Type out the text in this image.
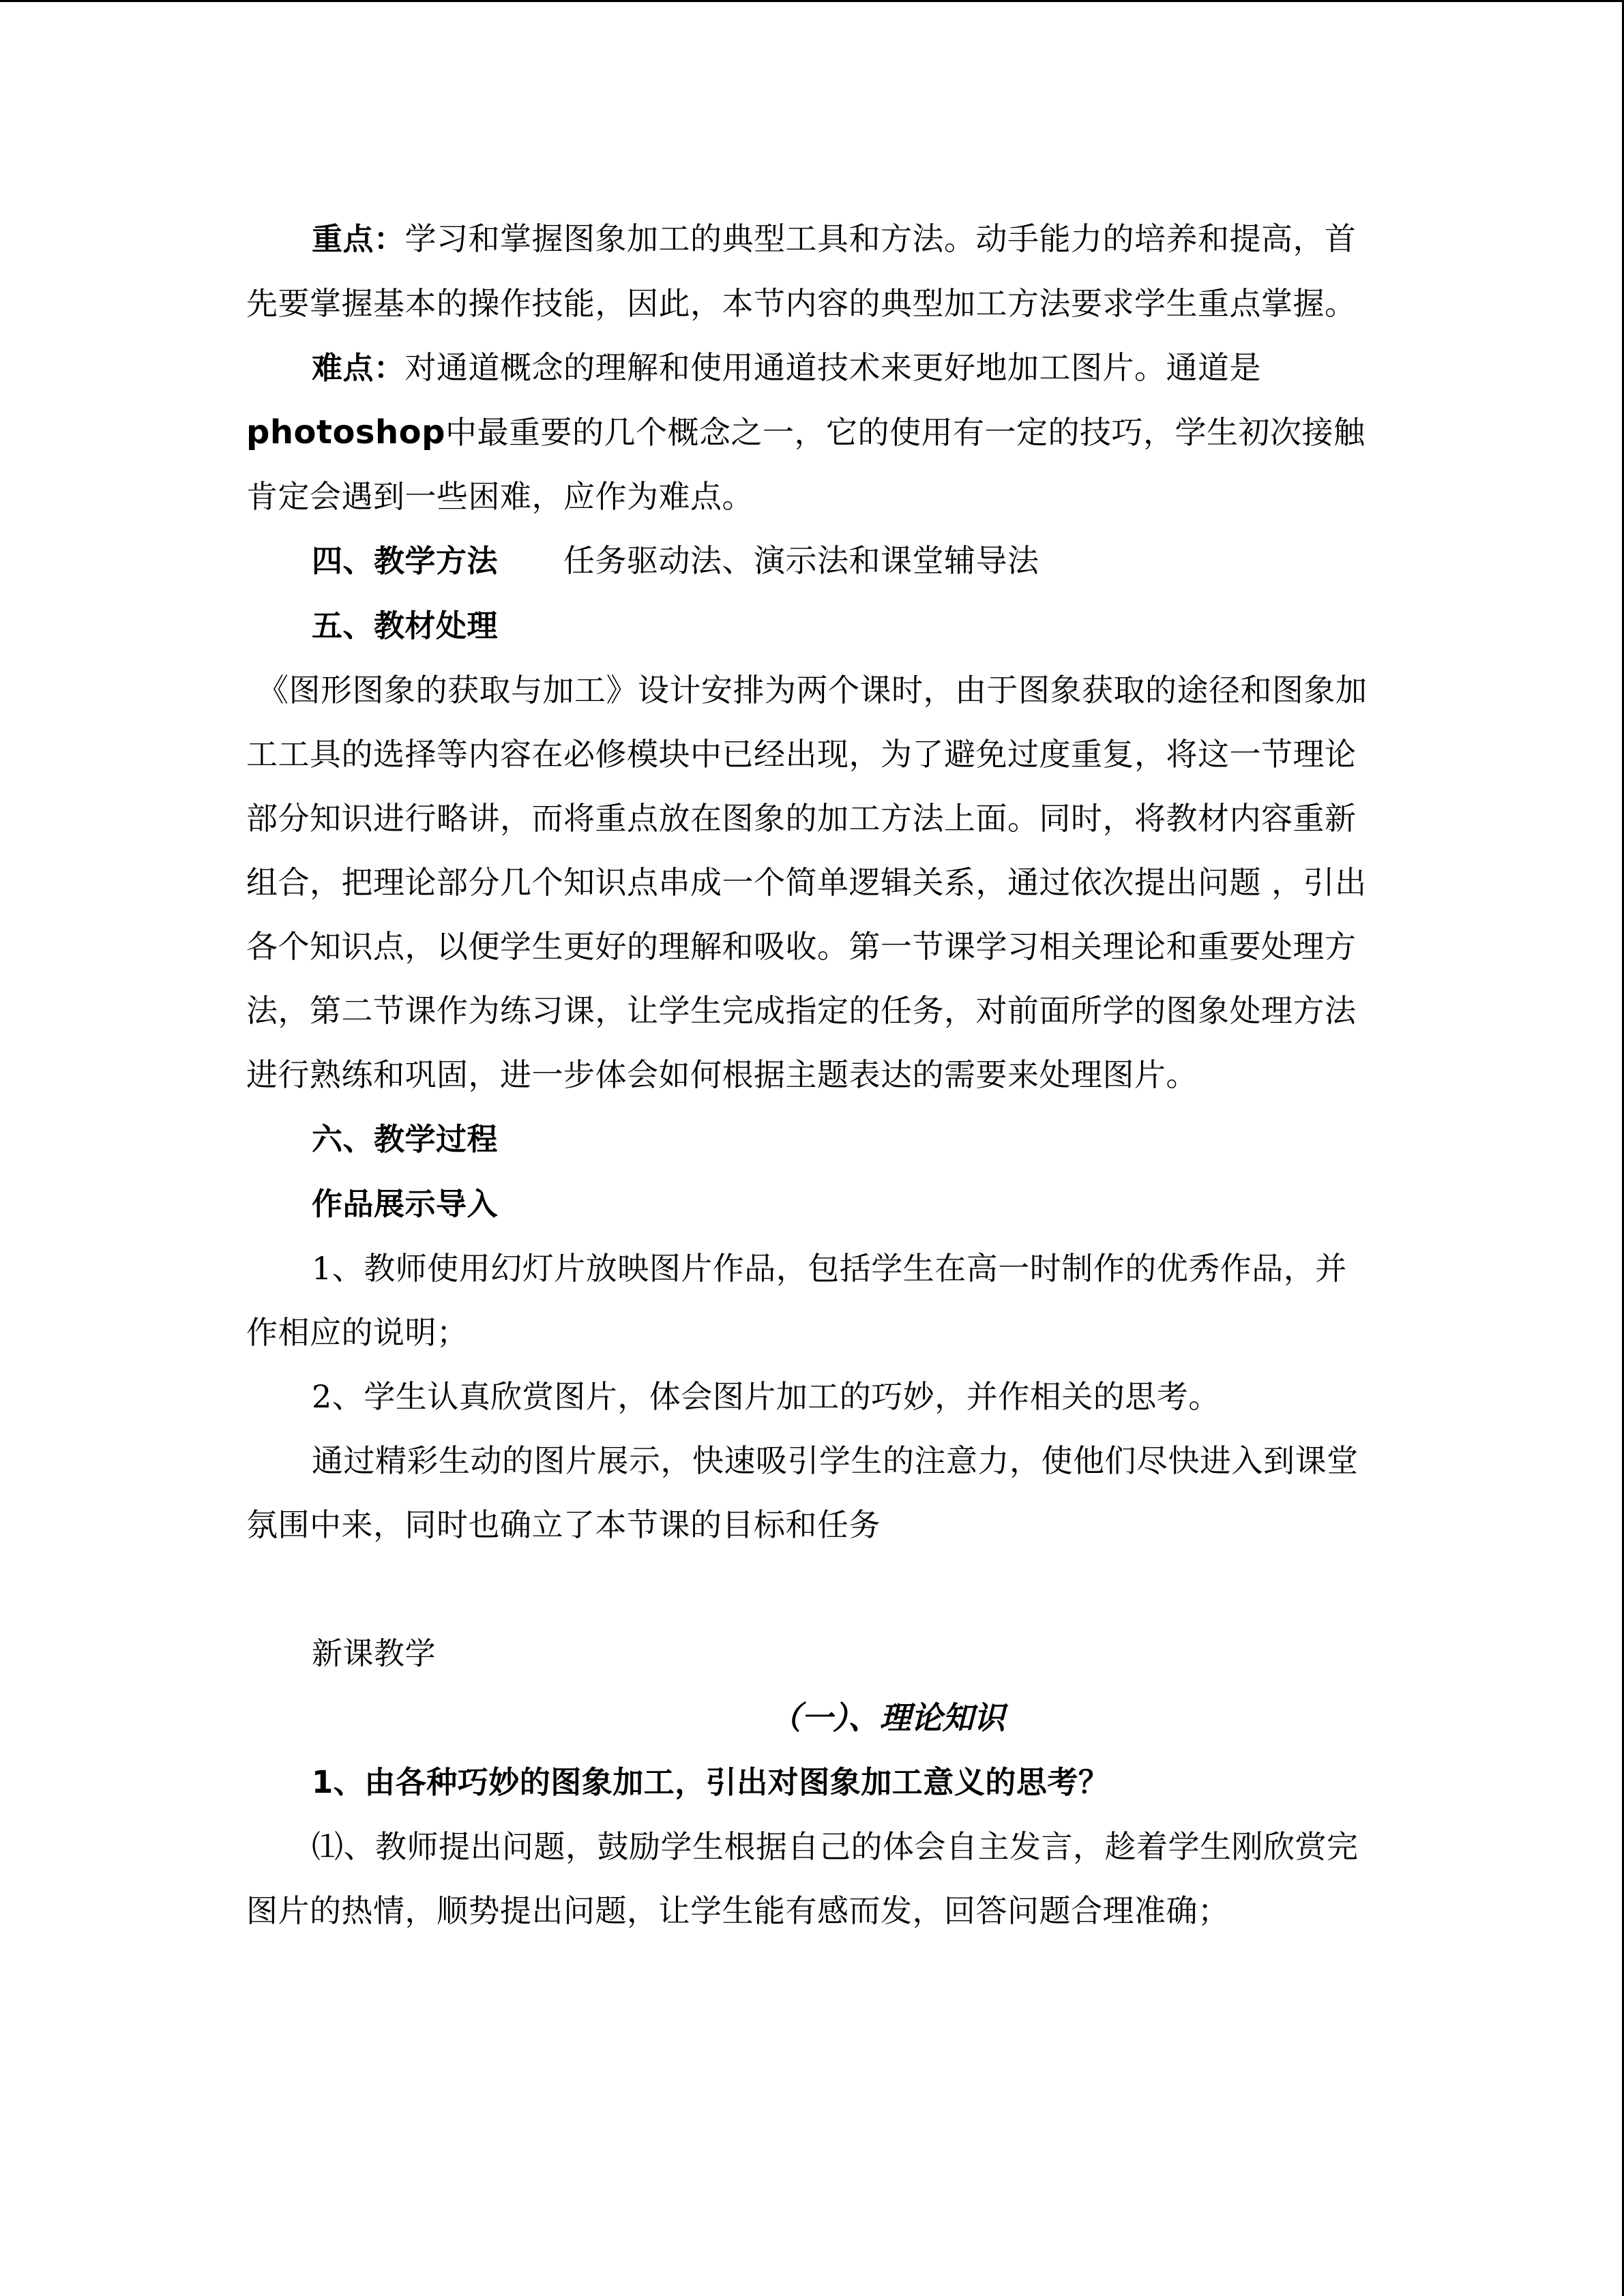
重点：学习和掌握图象加工的典型工具和方法。动手能力的培养和提高，首先要掌握基本的操作技能，因此，本节内容的典型加工方法要求学生重点掌握。

难点：对通道概念的理解和使用通道技术来更好地加工图片。通道是photoshop中最重要的几个概念之一，它的使用有一定的技巧，学生初次接触肯定会遇到一些困难，应作为难点。

四、教学方法 任务驱动法、演示法和课堂辅导法

五、教材处理

《图形图象的获取与加工》设计安排为两个课时，由于图象获取的途径和图象加工工具的选择等内容在必修模块中已经出现，为了避免过度重复，将这一节理论部分知识进行略讲，而将重点放在图象的加工方法上面。同时，将教材内容重新组合，把理论部分几个知识点串成一个简单逻辑关系，通过依次提出问题 ，引出各个知识点，以便学生更好的理解和吸收。第一节课学习相关理论和重要处理方法，第二节课作为练习课，让学生完成指定的任务，对前面所学的图象处理方法进行熟练和巩固，进一步体会如何根据主题表达的需要来处理图片。

六、教学过程

作品展示导入

1、教师使用幻灯片放映图片作品，包括学生在高一时制作的优秀作品，并作相应的说明；

2、学生认真欣赏图片，体会图片加工的巧妙，并作相关的思考。

通过精彩生动的图片展示，快速吸引学生的注意力，使他们尽快进入到课堂氛围中来，同时也确立了本节课的目标和任务

新课教学

（一）、理论知识

1、由各种巧妙的图象加工，引出对图象加工意义的思考？

⑴、教师提出问题，鼓励学生根据自己的体会自主发言，趁着学生刚欣赏完图片的热情，顺势提出问题，让学生能有感而发，回答问题合理准确；
